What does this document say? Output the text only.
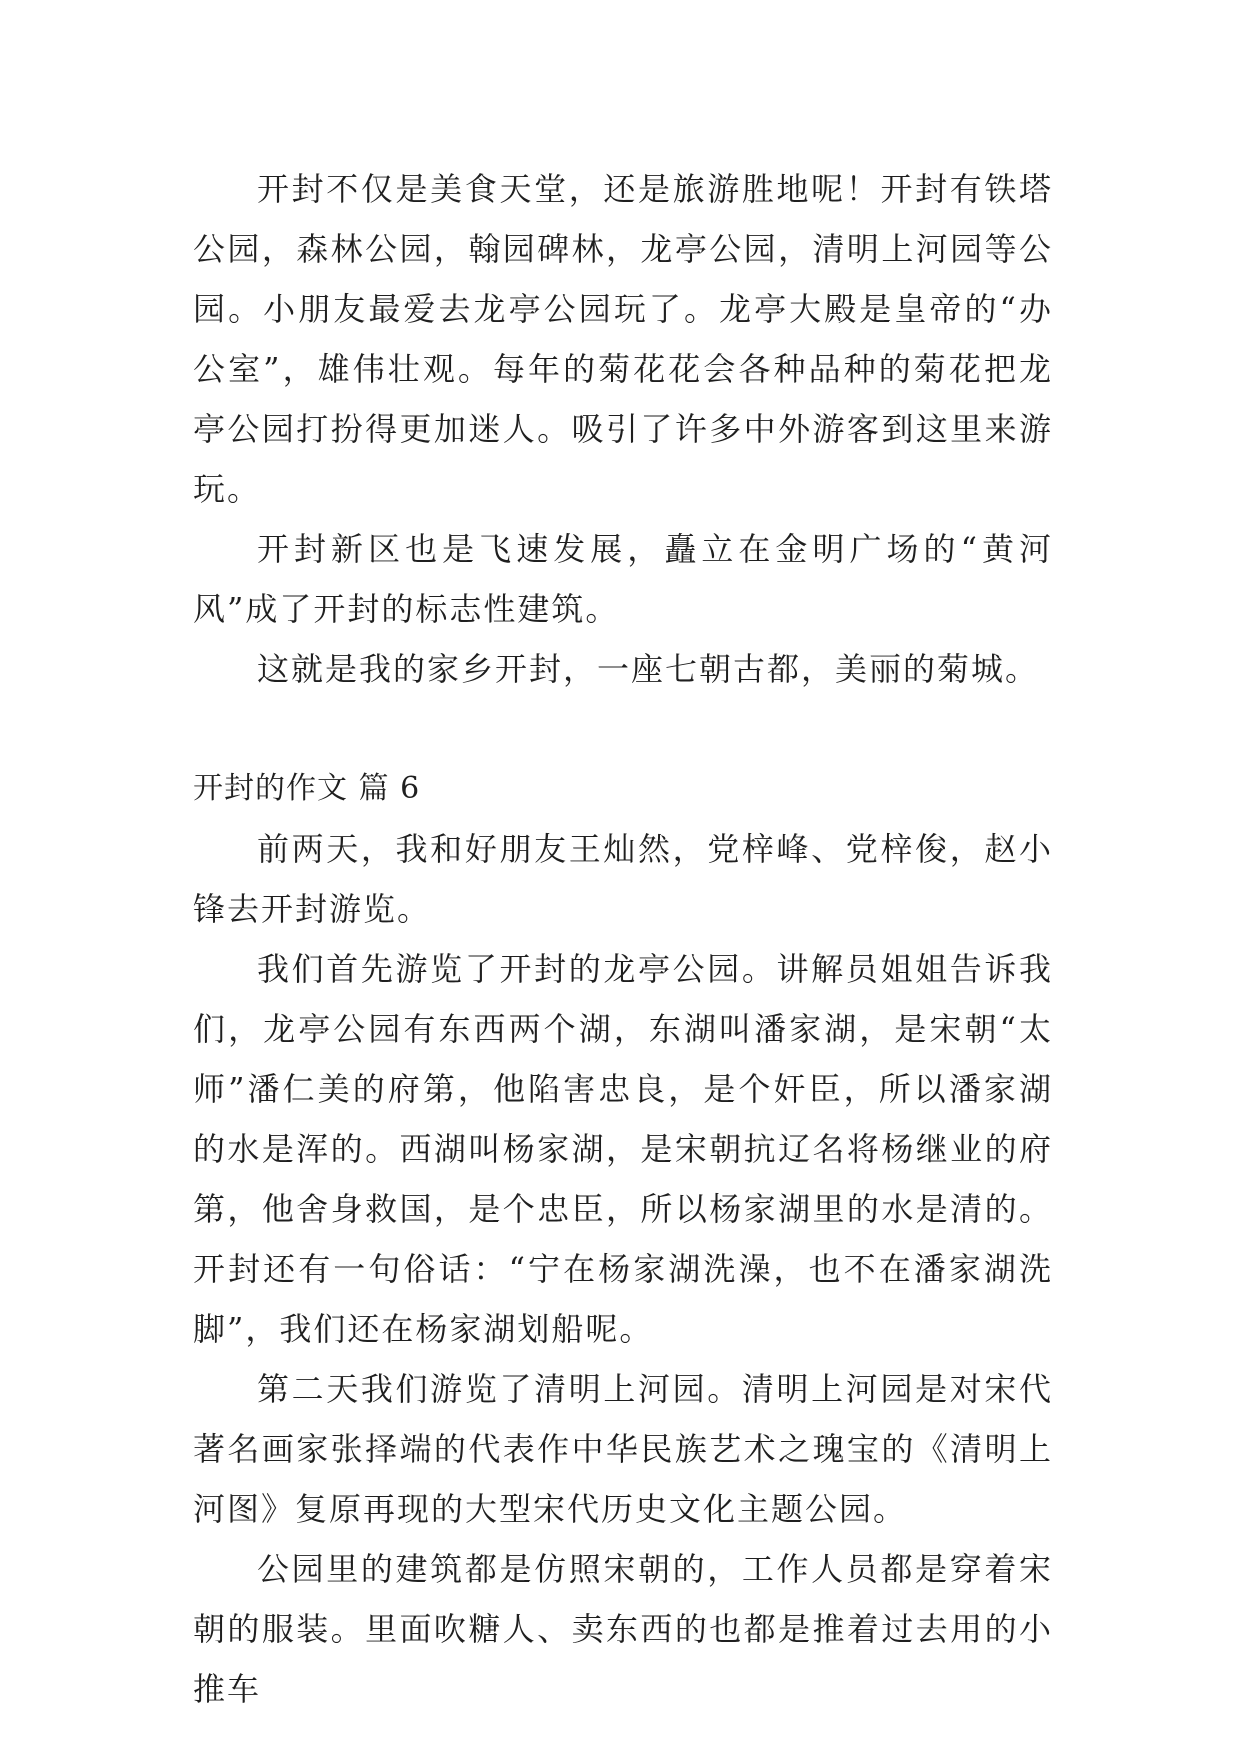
开封不仅是美食天堂，还是旅游胜地呢！开封有铁塔公园，森林公园，翰园碑林，龙亭公园，清明上河园等公园。小朋友最爱去龙亭公园玩了。龙亭大殿是皇帝的“办公室”，雄伟壮观。每年的菊花花会各种品种的菊花把龙亭公园打扮得更加迷人。吸引了许多中外游客到这里来游玩。

开封新区也是飞速发展，矗立在金明广场的“黄河风”成了开封的标志性建筑。

这就是我的家乡开封，一座七朝古都，美丽的菊城。

开封的作文 篇 6

前两天，我和好朋友王灿然，党梓峰、党梓俊，赵小锋去开封游览。

我们首先游览了开封的龙亭公园。讲解员姐姐告诉我们，龙亭公园有东西两个湖，东湖叫潘家湖，是宋朝“太师”潘仁美的府第，他陷害忠良，是个奸臣，所以潘家湖的水是浑的。西湖叫杨家湖，是宋朝抗辽名将杨继业的府第，他舍身救国，是个忠臣，所以杨家湖里的水是清的。开封还有一句俗话：“宁在杨家湖洗澡，也不在潘家湖洗脚”，我们还在杨家湖划船呢。

第二天我们游览了清明上河园。清明上河园是对宋代著名画家张择端的代表作中华民族艺术之瑰宝的《清明上河图》复原再现的大型宋代历史文化主题公园。

公园里的建筑都是仿照宋朝的，工作人员都是穿着宋朝的服装。里面吹糖人、卖东西的也都是推着过去用的小推车
